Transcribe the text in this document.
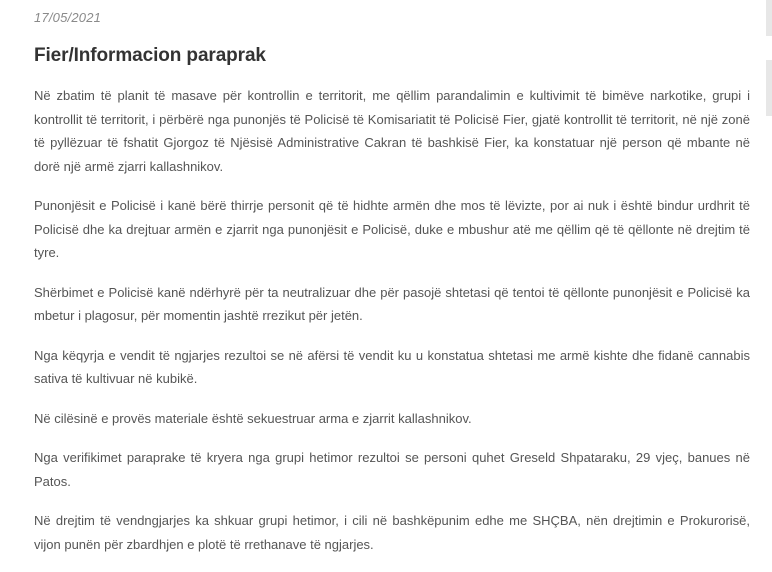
17/05/2021
Fier/Informacion paraprak

Në zbatim të planit të masave për kontrollin e territorit, me qëllim parandalimin e kultivimit të bimëve narkotike, grupi i kontrollit të territorit, i përbërë nga punonjës të Policisë të Komisariatit të Policisë Fier, gjatë kontrollit të territorit, në një zonë të pyllëzuar të fshatit Gjorgoz të Njësisë Administrative Cakran të bashkisë Fier, ka konstatuar një person që mbante në dorë një armë zjarri kallashnikov.

Punonjësit e Policisë i kanë bërë thirrje personit që të hidhte armën dhe mos të lëvizte, por ai nuk i është bindur urdhrit të Policisë dhe ka drejtuar armën e zjarrit nga punonjësit e Policisë, duke e mbushur atë me qëllim që të qëllonte në drejtim të tyre.

Shërbimet e Policisë kanë ndërhyrë për ta neutralizuar dhe për pasojë shtetasi që tentoi të qëllonte punonjësit e Policisë ka mbetur i plagosur, për momentin jashtë rrezikut për jetën.

Nga këqyrja e vendit të ngjarjes rezultoi se në afërsi të vendit ku u konstatua shtetasi me armë kishte dhe fidanë cannabis sativa të kultivuar në kubikë.

Në cilësinë e provës materiale është sekuestruar arma e zjarrit kallashnikov.

Nga verifikimet paraprake të kryera nga grupi hetimor rezultoi se personi quhet Greseld Shpataraku, 29 vjeç, banues në Patos.

Në drejtim të vendngjarjes ka shkuar grupi hetimor, i cili në bashkëpunim edhe me SHÇBA, nën drejtimin e Prokurorisë, vijon punën për zbardhjen e plotë të rrethanave të ngjarjes.
